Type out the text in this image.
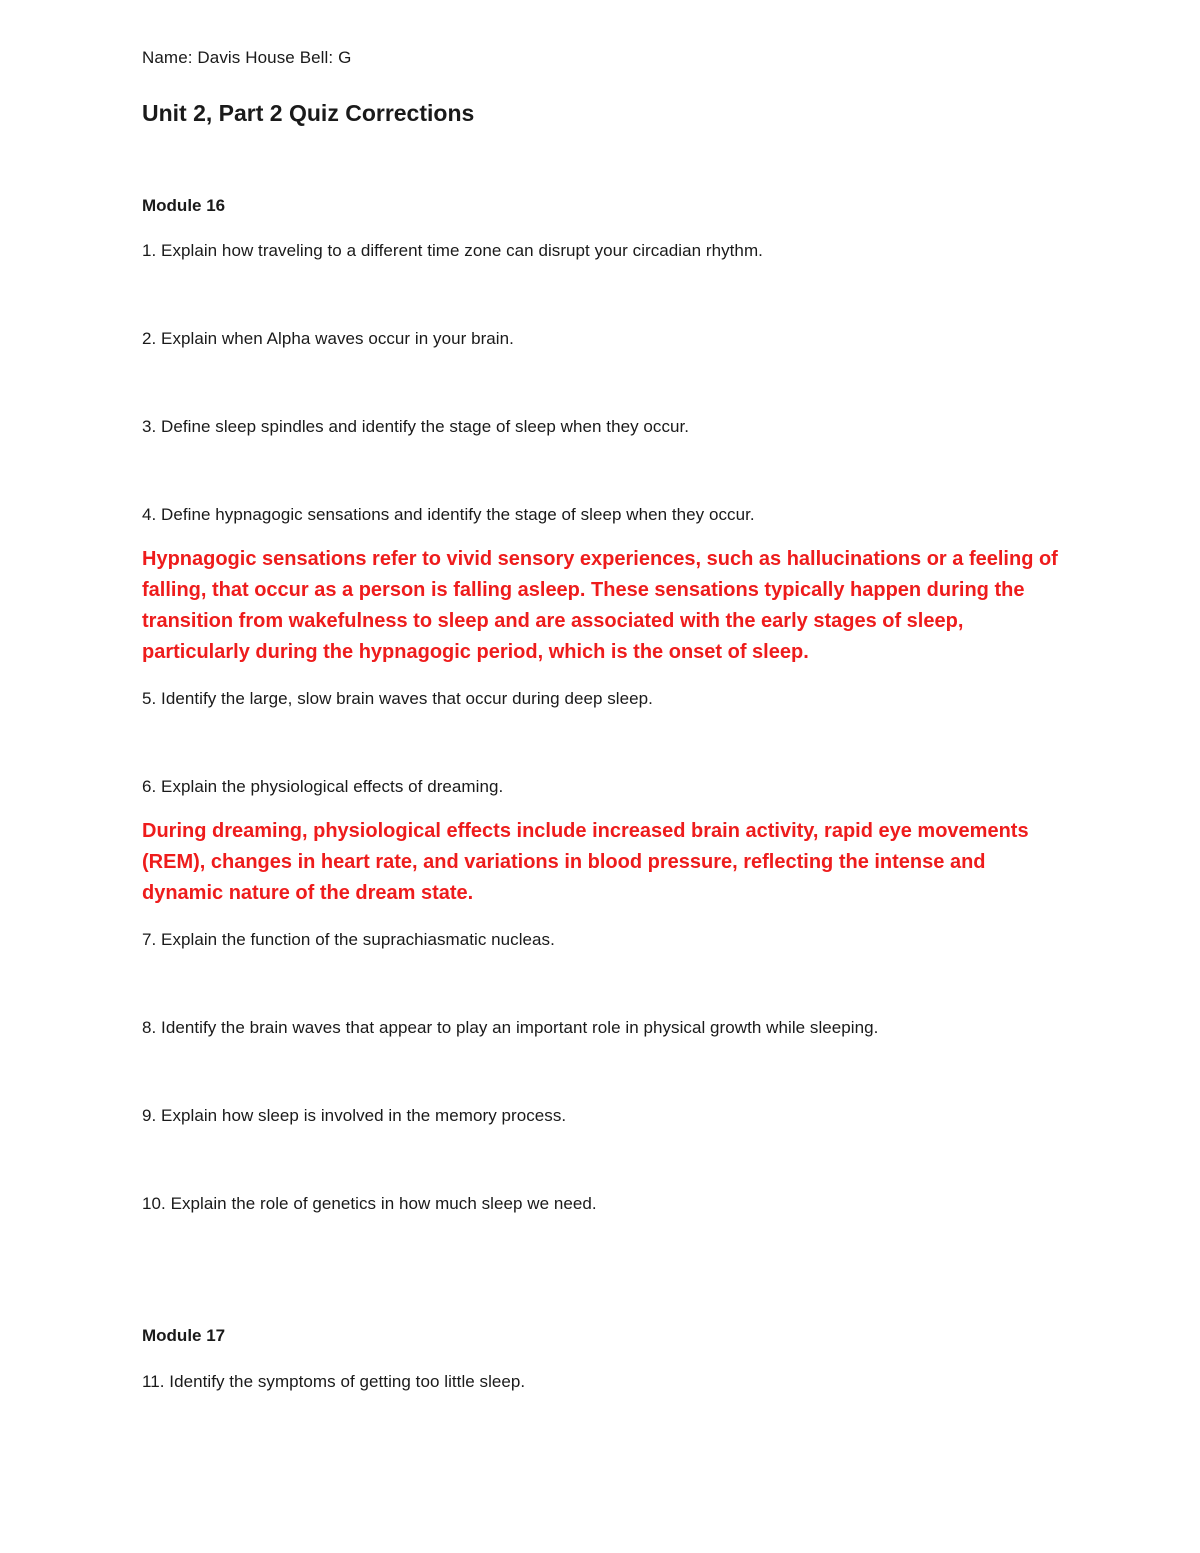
Name: Davis House Bell: G

Unit 2, Part 2 Quiz Corrections

Module 16

1. Explain how traveling to a different time zone can disrupt your circadian rhythm.

2. Explain when Alpha waves occur in your brain.

3. Define sleep spindles and identify the stage of sleep when they occur.

4. Define hypnagogic sensations and identify the stage of sleep when they occur.

Hypnagogic sensations refer to vivid sensory experiences, such as hallucinations or a feeling of
falling, that occur as a person is falling asleep. These sensations typically happen during the
transition from wakefulness to sleep and are associated with the early stages of sleep,
particularly during the hypnagogic period, which is the onset of sleep.

5. Identify the large, slow brain waves that occur during deep sleep.

6. Explain the physiological effects of dreaming.

During dreaming, physiological effects include increased brain activity, rapid eye movements
(REM), changes in heart rate, and variations in blood pressure, reflecting the intense and
dynamic nature of the dream state.

7. Explain the function of the suprachiasmatic nucleas.

8. Identify the brain waves that appear to play an important role in physical growth while sleeping.

9. Explain how sleep is involved in the memory process.

10. Explain the role of genetics in how much sleep we need.

Module 17

11. Identify the symptoms of getting too little sleep.
